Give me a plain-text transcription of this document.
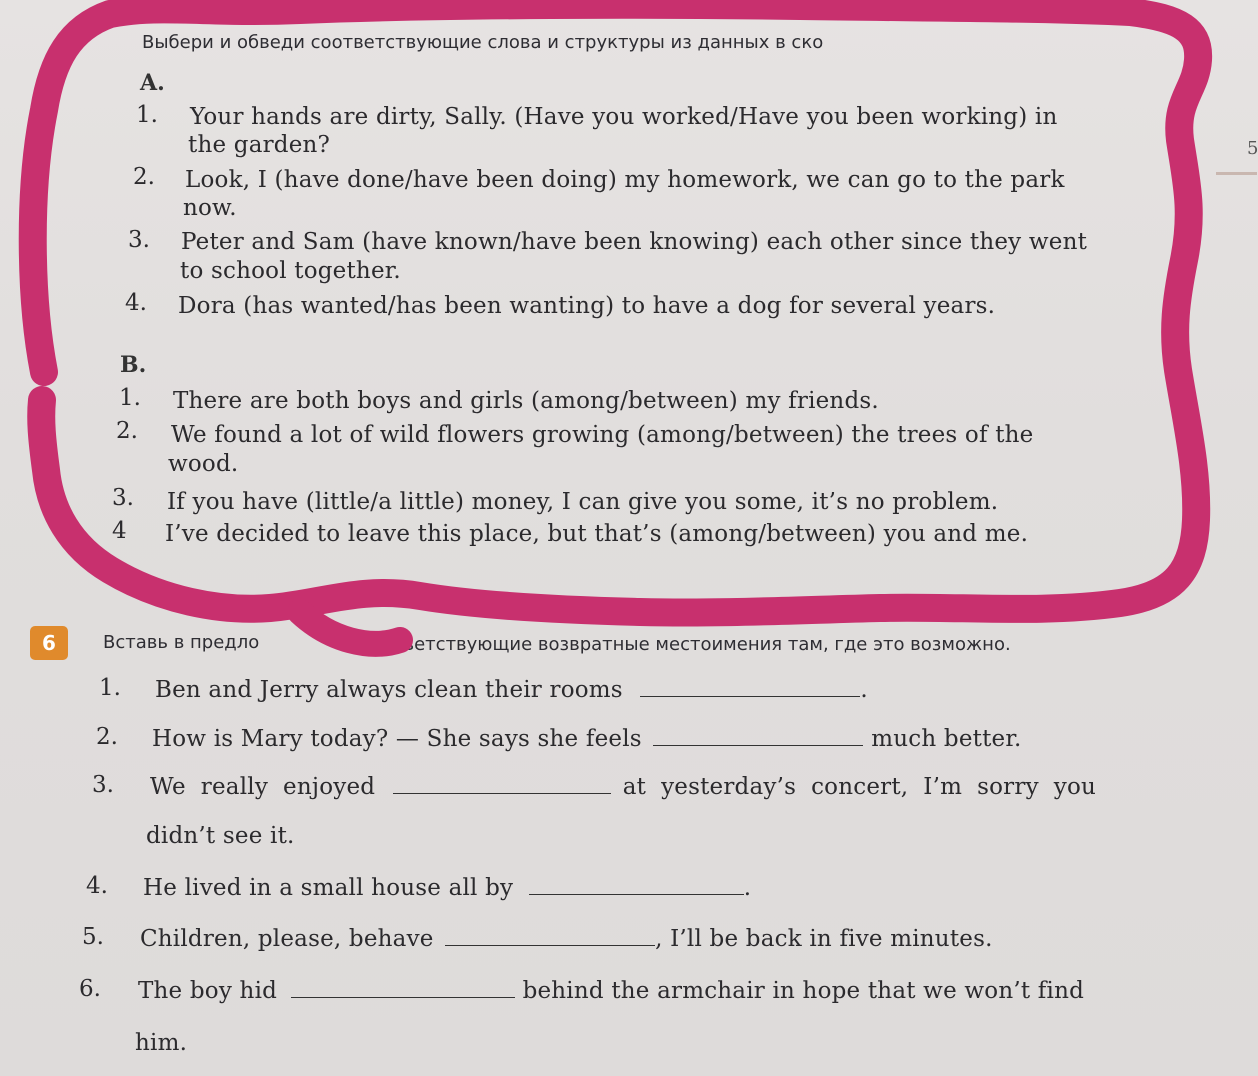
Выбери и обведи соответствующие слова и структуры из данных в ско
5
A.
1. Your hands are dirty, Sally. (Have you worked/Have you been working) in
the garden?
2. Look, I (have done/have been doing) my homework, we can go to the park
now.
3. Peter and Sam (have known/have been knowing) each other since they went
to school together.
4. Dora (has wanted/has been wanting) to have a dog for several years.
B.
1. There are both boys and girls (among/between) my friends.
2. We found a lot of wild flowers growing (among/between) the trees of the
wood.
3. If you have (little/a little) money, I can give you some, it’s no problem.
4 I’ve decided to leave this place, but that’s (among/between) you and me.
6	Вставь в предло	ответствующие возвратные местоимения там, где это возможно.
1. Ben and Jerry always clean their rooms	.
2. How is Mary today? — She says she feels	much better.
3. We  really  enjoyed	at  yesterday’s  concert,  I’m  sorry  you
didn’t see it.
4. He lived in a small house all by	.
5. Children, please, behave	, I’ll be back in five minutes.
6. The boy hid	behind the armchair in hope that we won’t find
him.
